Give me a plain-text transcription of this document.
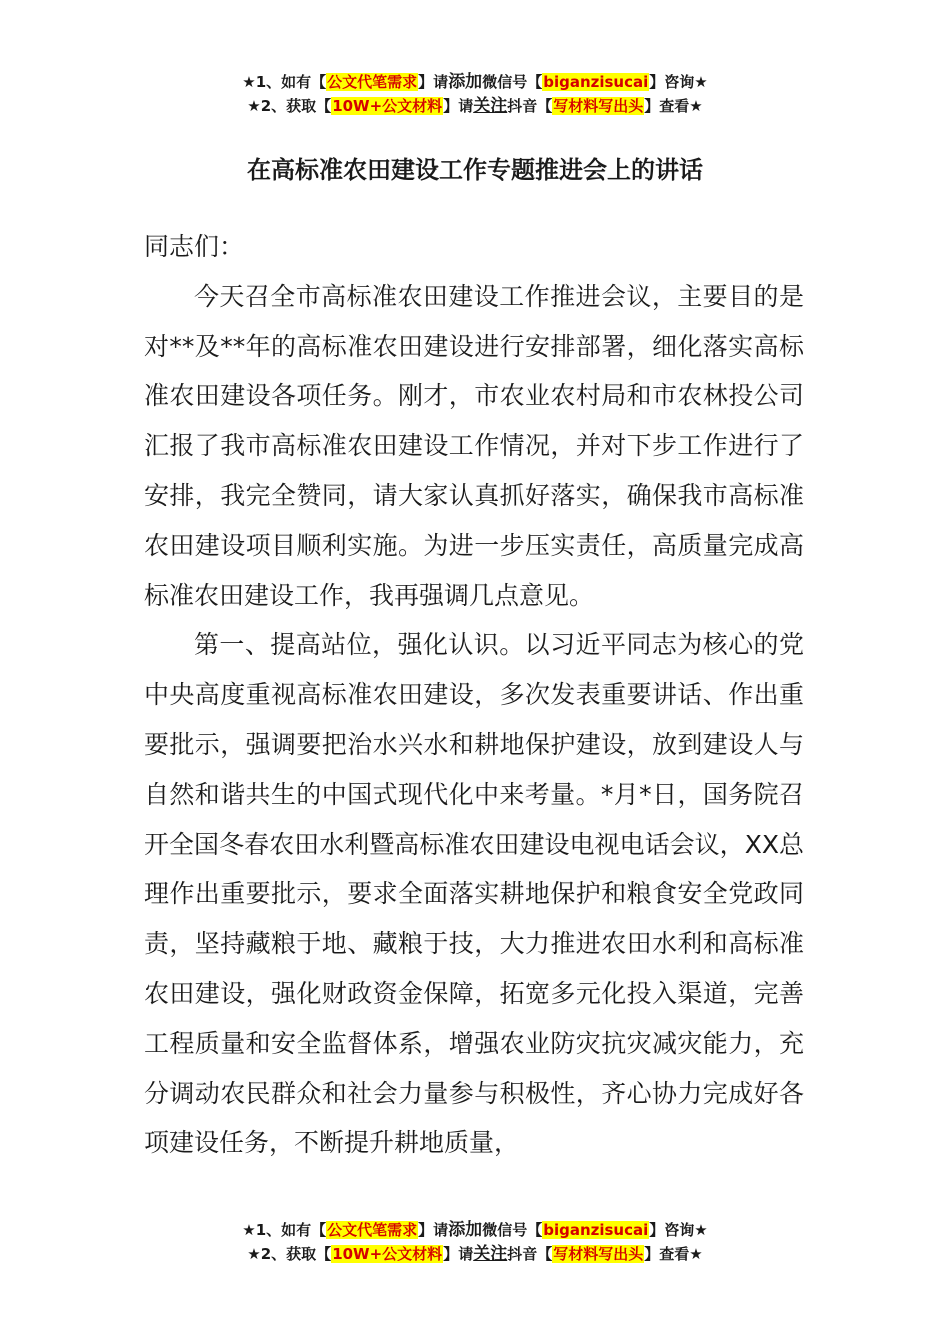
★1、如有【公文代笔需求】请添加微信号【biganzisucai】咨询★
★2、获取【10W+公文材料】请关注抖音【写材料写出头】查看★
在高标准农田建设工作专题推进会上的讲话

同志们：

今天召全市高标准农田建设工作推进会议，主要目的是对**及**年的高标准农田建设进行安排部署，细化落实高标准农田建设各项任务。刚才，市农业农村局和市农林投公司汇报了我市高标准农田建设工作情况，并对下步工作进行了安排，我完全赞同，请大家认真抓好落实，确保我市高标准农田建设项目顺利实施。为进一步压实责任，高质量完成高标准农田建设工作，我再强调几点意见。

第一、提高站位，强化认识。以习近平同志为核心的党中央高度重视高标准农田建设，多次发表重要讲话、作出重要批示，强调要把治水兴水和耕地保护建设，放到建设人与自然和谐共生的中国式现代化中来考量。*月*日，国务院召开全国冬春农田水利暨高标准农田建设电视电话会议，XX总理作出重要批示，要求全面落实耕地保护和粮食安全党政同责，坚持藏粮于地、藏粮于技，大力推进农田水利和高标准农田建设，强化财政资金保障，拓宽多元化投入渠道，完善工程质量和安全监督体系，增强农业防灾抗灾减灾能力，充分调动农民群众和社会力量参与积极性，齐心协力完成好各项建设任务，不断提升耕地质量，

★1、如有【公文代笔需求】请添加微信号【biganzisucai】咨询★
★2、获取【10W+公文材料】请关注抖音【写材料写出头】查看★
